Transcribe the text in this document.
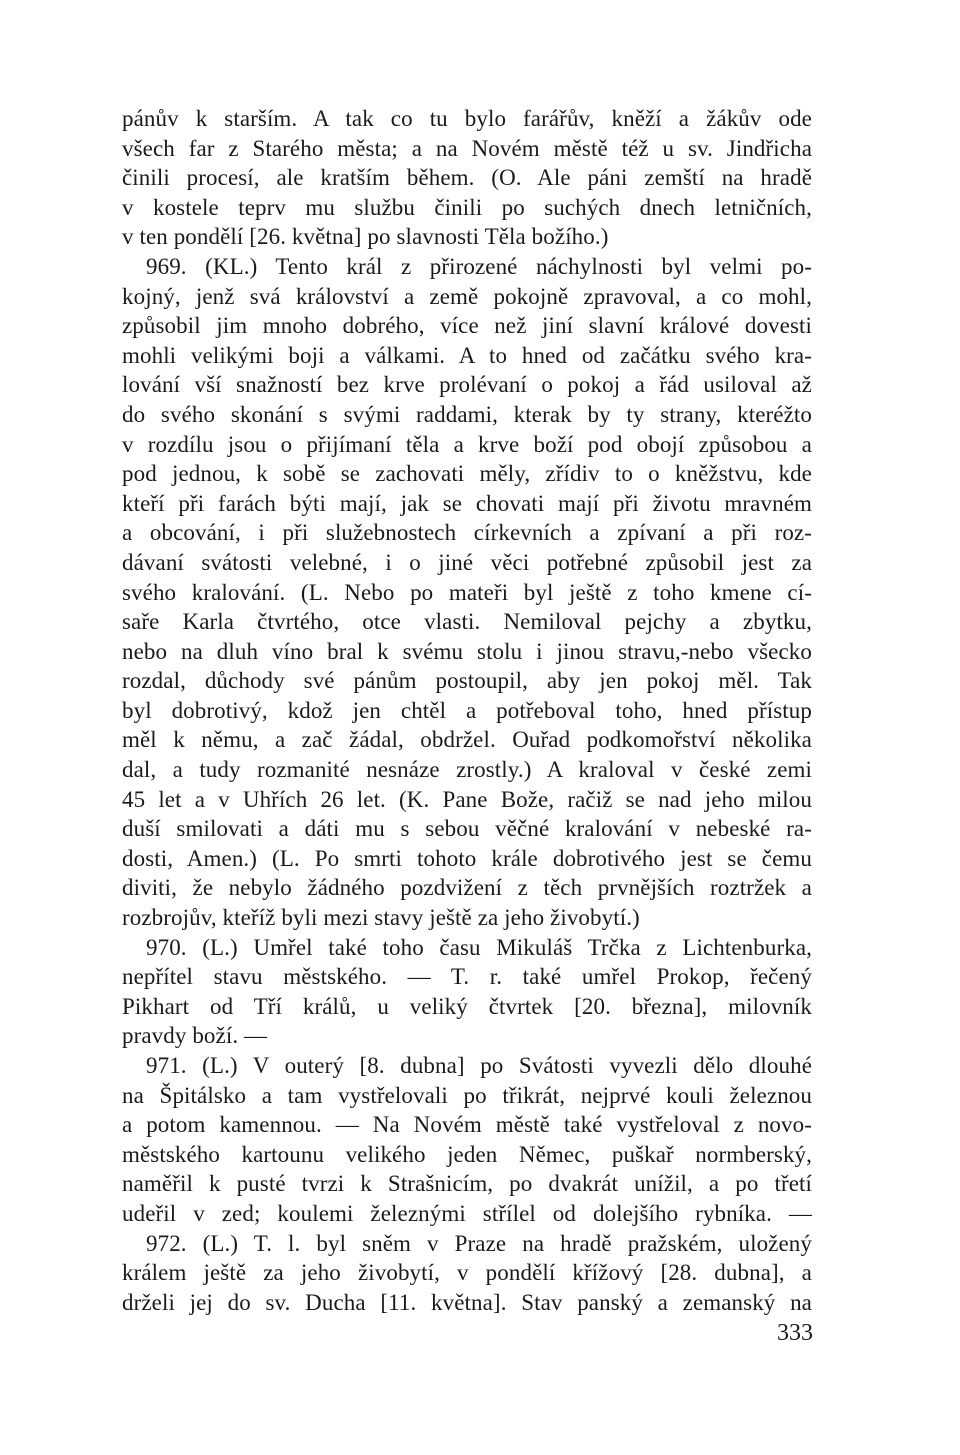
pánův k starším. A tak co tu bylo farářův, kněží a žákův ode
všech far z Starého města; a na Novém městě též u sv. Jindřicha
činili procesí, ale kratším během. (O. Ale páni zemští na hradě
v kostele teprv mu službu činili po suchých dnech letničních,
v ten pondělí [26. května] po slavnosti Těla božího.)
969. (KL.) Tento král z přirozené náchylnosti byl velmi po-
kojný, jenž svá království a země pokojně zpravoval, a co mohl,
způsobil jim mnoho dobrého, více než jiní slavní králové dovesti
mohli velikými boji a válkami. A to hned od začátku svého kra-
lování vší snažností bez krve prolévaní o pokoj a řád usiloval až
do svého skonání s svými raddami, kterak by ty strany, kteréžto
v rozdílu jsou o přijímaní těla a krve boží pod obojí způsobou a
pod jednou, k sobě se zachovati měly, zřídiv to o kněžstvu, kde
kteří při farách býti mají, jak se chovati mají při životu mravném
a obcování, i při služebnostech církevních a zpívaní a při roz-
dávaní svátosti velebné, i o jiné věci potřebné způsobil jest za
svého kralování. (L. Nebo po mateři byl ještě z toho kmene cí-
saře Karla čtvrtého, otce vlasti. Nemiloval pejchy a zbytku,
nebo na dluh víno bral k svému stolu i jinou stravu,-nebo všecko
rozdal, důchody své pánům postoupil, aby jen pokoj měl. Tak
byl dobrotivý, kdož jen chtěl a potřeboval toho, hned přístup
měl k němu, a zač žádal, obdržel. Ouřad podkomořství několika
dal, a tudy rozmanité nesnáze zrostly.) A kraloval v české zemi
45 let a v Uhřích 26 let. (K. Pane Bože, račiž se nad jeho milou
duší smilovati a dáti mu s sebou věčné kralování v nebeské ra-
dosti, Amen.) (L. Po smrti tohoto krále dobrotivého jest se čemu
diviti, že nebylo žádného pozdvižení z těch prvnějších roztržek a
rozbrojův, kteříž byli mezi stavy ještě za jeho živobytí.)
970. (L.) Umřel také toho času Mikuláš Trčka z Lichtenburka,
nepřítel stavu městského. — T. r. také umřel Prokop, řečený
Pikhart od Tří králů, u veliký čtvrtek [20. března], milovník
pravdy boží. —
971. (L.) V outerý [8. dubna] po Svátosti vyvezli dělo dlouhé
na Špitálsko a tam vystřelovali po třikrát, nejprvé kouli železnou
a potom kamennou. — Na Novém městě také vystřeloval z novo-
městského kartounu velikého jeden Němec, puškař normberský,
naměřil k pusté tvrzi k Strašnicím, po dvakrát unížil, a po třetí
udeřil v zed; koulemi železnými střílel od dolejšího rybníka. —
972. (L.) T. l. byl sněm v Praze na hradě pražském, uložený
králem ještě za jeho živobytí, v pondělí křížový [28. dubna], a
drželi jej do sv. Ducha [11. května]. Stav panský a zemanský na
333
